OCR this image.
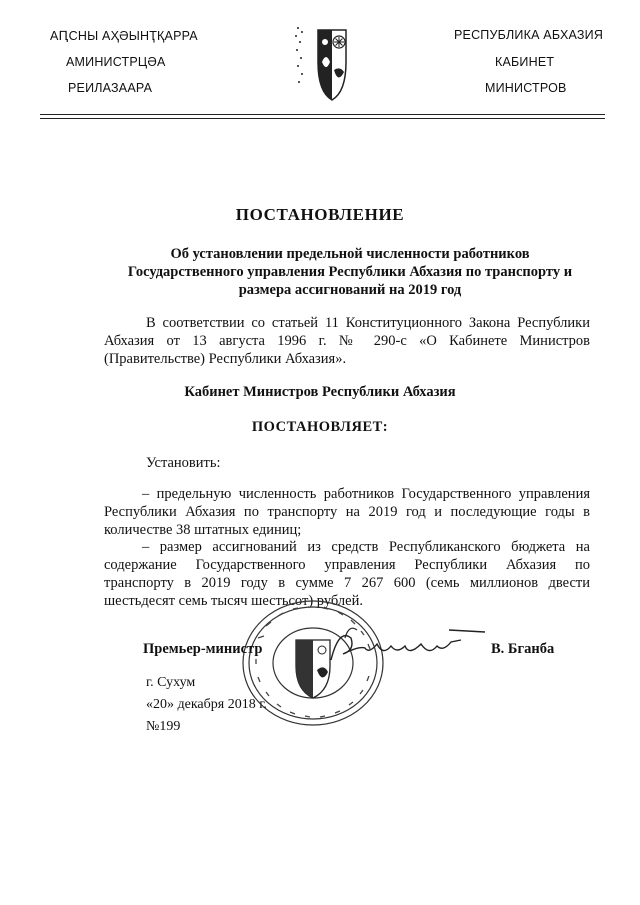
АԤСНЫ АҲӘЫНҬҚАРРА
АМИНИСТРЦӘА
РЕИЛАЗААРА
РЕСПУБЛИКА АБХАЗИЯ
КАБИНЕТ
МИНИСТРОВ
ПОСТАНОВЛЕНИЕ
Об установлении предельной численности работников
Государственного управления Республики Абхазия по транспорту и
размера ассигнований на 2019 год
В соответствии со статьей 11 Конституционного Закона Республики
Абхазия от 13 августа 1996 г. № 290-с «О Кабинете Министров
(Правительстве) Республики Абхазия».
Кабинет Министров Республики Абхазия
ПОСТАНОВЛЯЕТ:
Установить:
– предельную численность работников Государственного управления
Республики Абхазия по транспорту на 2019 год и последующие годы в
количестве 38 штатных единиц;
– размер ассигнований из средств Республиканского бюджета на
содержание Государственного управления Республики Абхазия по
транспорту в 2019 году в сумме 7 267 600 (семь миллионов двести
шестьдесят семь тысяч шестьсот) рублей.
Премьер-министр	В. Бганба
г. Сухум
«20» декабря 2018 г.
№199
